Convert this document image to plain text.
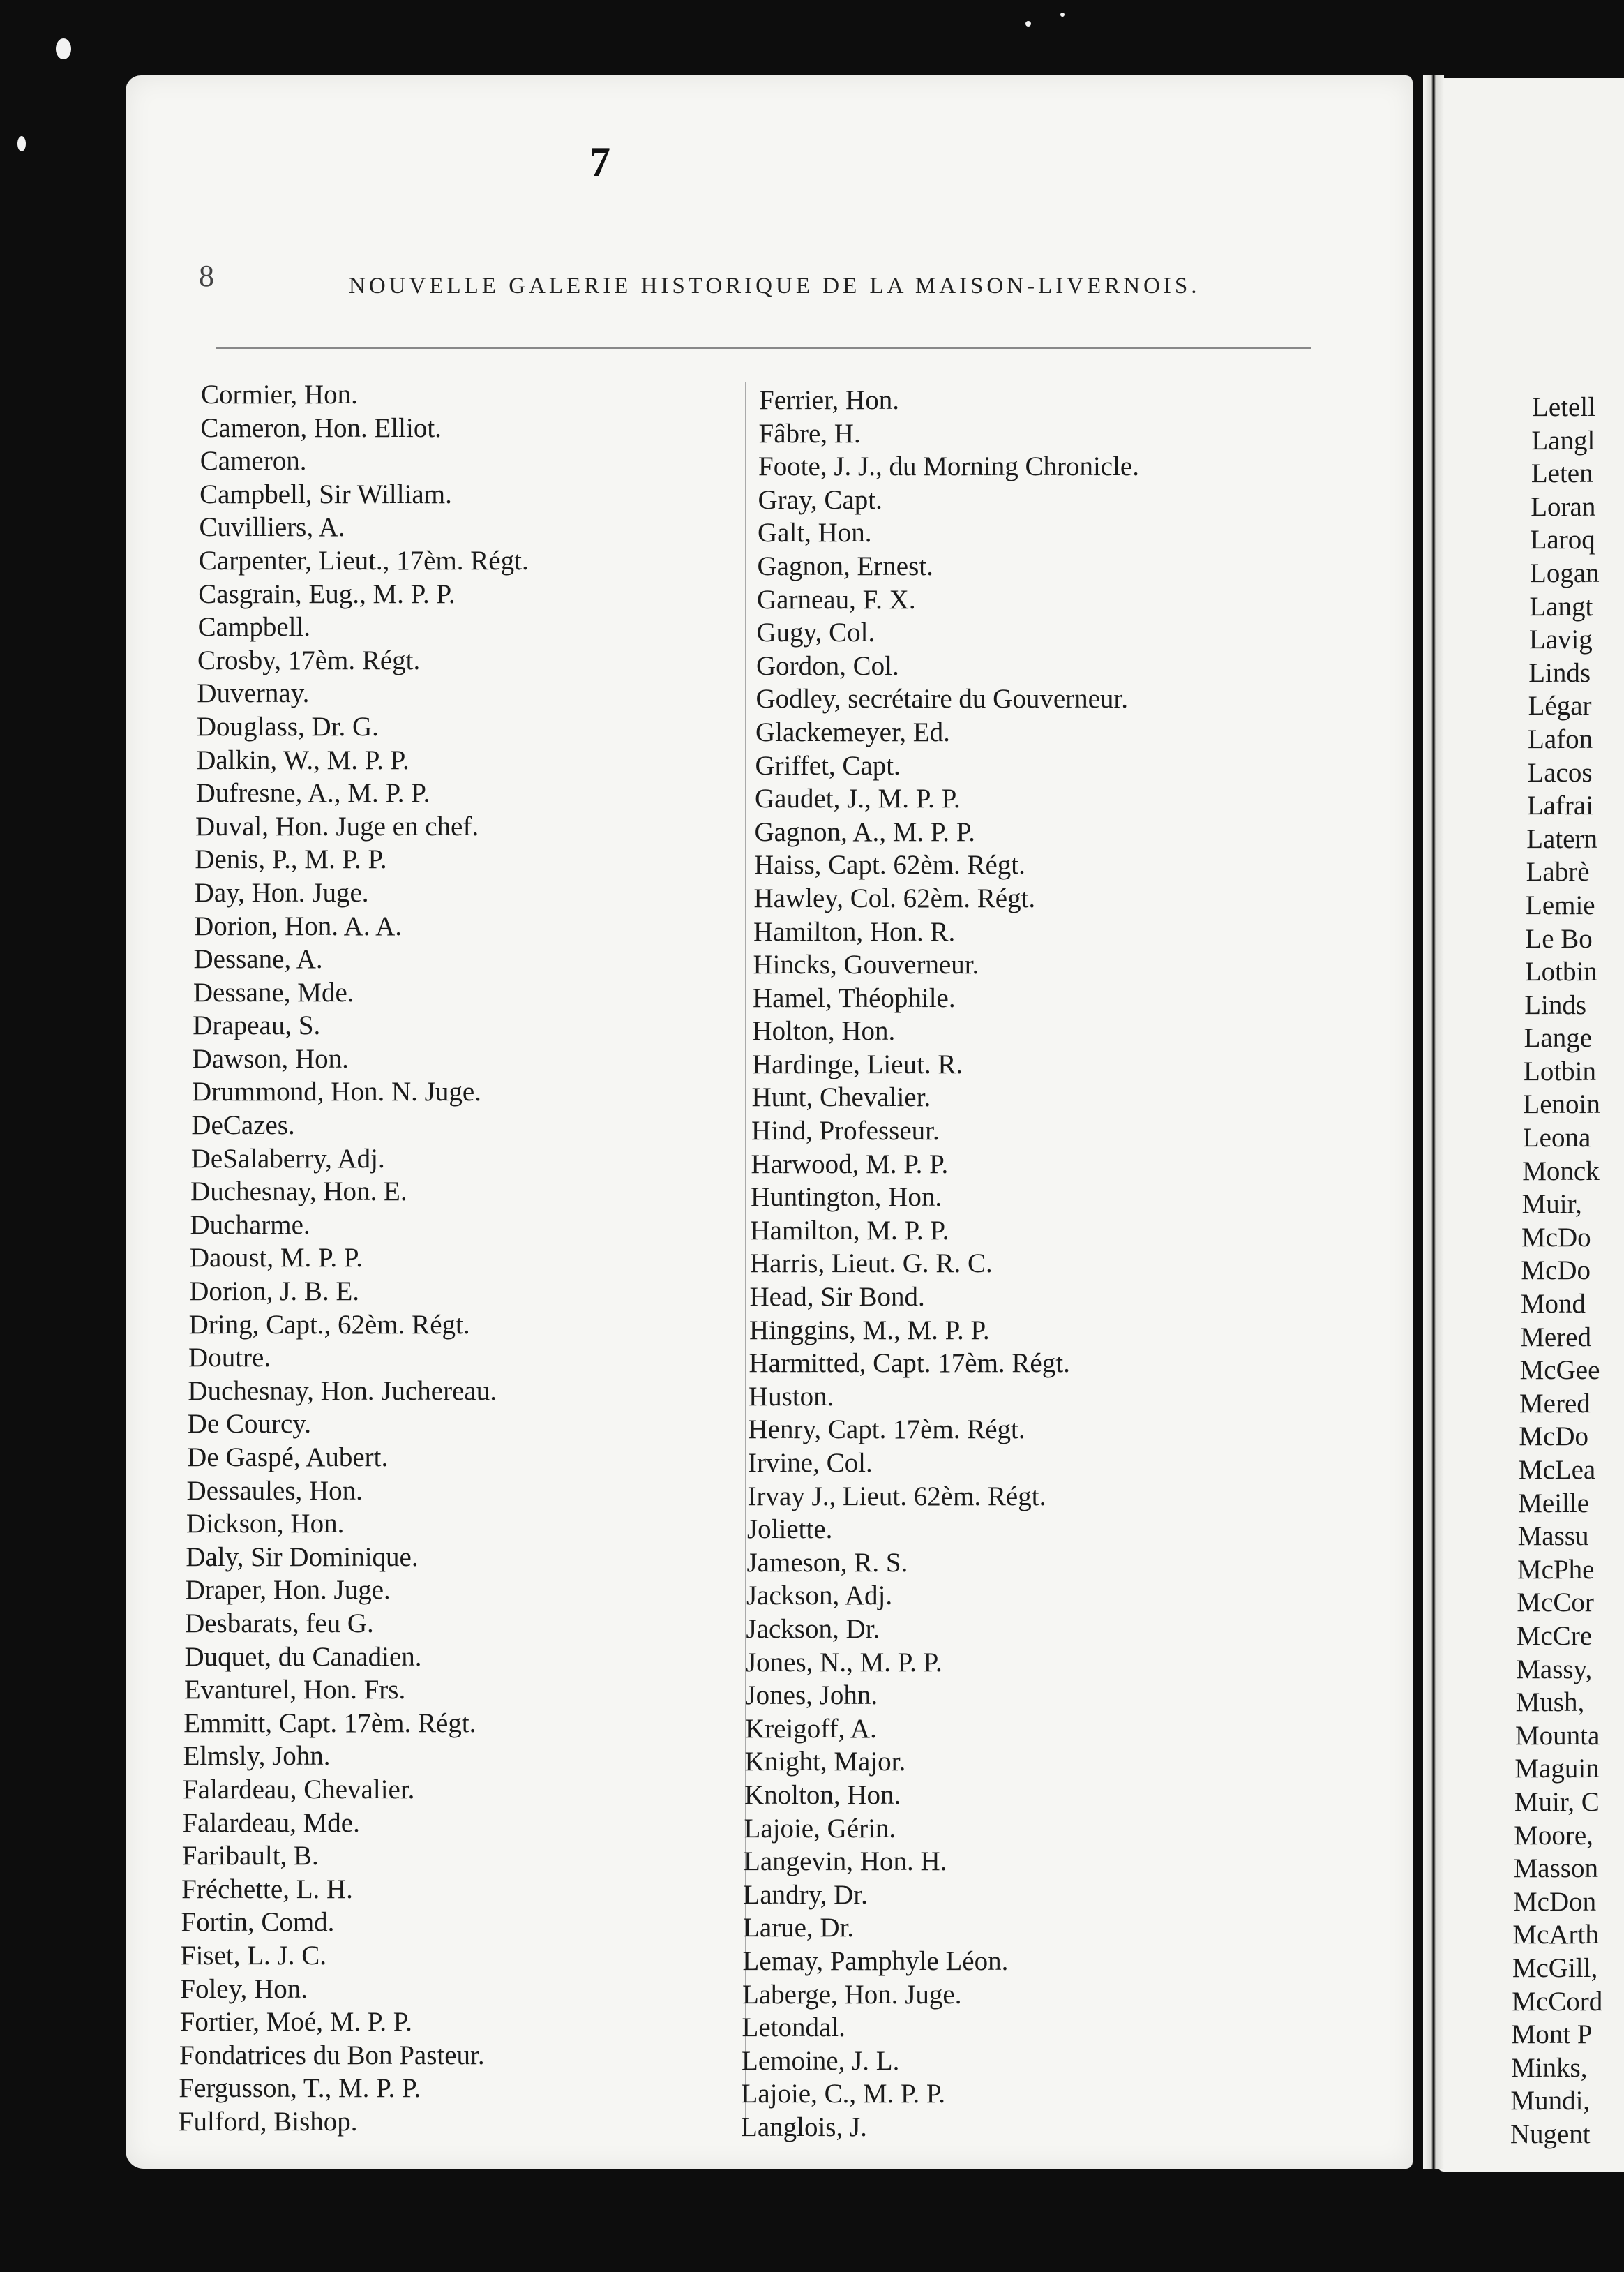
7
8	NOUVELLE GALERIE HISTORIQUE DE LA MAISON-LIVERNOIS.
Cormier, Hon.
Cameron, Hon. Elliot.
Cameron.
Campbell, Sir William.
Cuvilliers, A.
Carpenter, Lieut., 17èm. Régt.
Casgrain, Eug., M. P. P.
Campbell.
Crosby, 17èm. Régt.
Duvernay.
Douglass, Dr. G.
Dalkin, W., M. P. P.
Dufresne, A., M. P. P.
Duval, Hon. Juge en chef.
Denis, P., M. P. P.
Day, Hon. Juge.
Dorion, Hon. A. A.
Dessane, A.
Dessane, Mde.
Drapeau, S.
Dawson, Hon.
Drummond, Hon. N. Juge.
DeCazes.
DeSalaberry, Adj.
Duchesnay, Hon. E.
Ducharme.
Daoust, M. P. P.
Dorion, J. B. E.
Dring, Capt., 62èm. Régt.
Doutre.
Duchesnay, Hon. Juchereau.
De Courcy.
De Gaspé, Aubert.
Dessaules, Hon.
Dickson, Hon.
Daly, Sir Dominique.
Draper, Hon. Juge.
Desbarats, feu G.
Duquet, du Canadien.
Evanturel, Hon. Frs.
Emmitt, Capt. 17èm. Régt.
Elmsly, John.
Falardeau, Chevalier.
Falardeau, Mde.
Faribault, B.
Fréchette, L. H.
Fortin, Comd.
Fiset, L. J. C.
Foley, Hon.
Fortier, Moé, M. P. P.
Fondatrices du Bon Pasteur.
Fergusson, T., M. P. P.
Fulford, Bishop.
Ferrier, Hon.
Fâbre, H.
Foote, J. J., du Morning Chronicle.
Gray, Capt.
Galt, Hon.
Gagnon, Ernest.
Garneau, F. X.
Gugy, Col.
Gordon, Col.
Godley, secrétaire du Gouverneur.
Glackemeyer, Ed.
Griffet, Capt.
Gaudet, J., M. P. P.
Gagnon, A., M. P. P.
Haiss, Capt. 62èm. Régt.
Hawley, Col. 62èm. Régt.
Hamilton, Hon. R.
Hincks, Gouverneur.
Hamel, Théophile.
Holton, Hon.
Hardinge, Lieut. R.
Hunt, Chevalier.
Hind, Professeur.
Harwood, M. P. P.
Huntington, Hon.
Hamilton, M. P. P.
Harris, Lieut. G. R. C.
Head, Sir Bond.
Hinggins, M., M. P. P.
Harmitted, Capt. 17èm. Régt.
Huston.
Henry, Capt. 17èm. Régt.
Irvine, Col.
Irvay J., Lieut. 62èm. Régt.
Joliette.
Jameson, R. S.
Jackson, Adj.
Jackson, Dr.
Jones, N., M. P. P.
Jones, John.
Kreigoff, A.
Knight, Major.
Knolton, Hon.
Lajoie, Gérin.
Langevin, Hon. H.
Landry, Dr.
Larue, Dr.
Lemay, Pamphyle Léon.
Laberge, Hon. Juge.
Letondal.
Lemoine, J. L.
Lajoie, C., M. P. P.
Langlois, J.
Letell
Langl
Leten
Loran
Laroq
Logan
Langt
Lavig
Linds
Légar
Lafon
Lacos
Lafrai
Latern
Labrè
Lemie
Le Bo
Lotbin
Linds
Lange
Lotbin
Lenoin
Leona
Monck
Muir,
McDo
McDo
Mond
Mered
McGee
Mered
McDo
McLea
Meille
Massu
McPhe
McCor
McCre
Massy,
Mush,
Mounta
Maguin
Muir, C
Moore,
Masson
McDon
McArth
McGill,
McCord
Mont P
Minks,
Mundi,
Nugent
